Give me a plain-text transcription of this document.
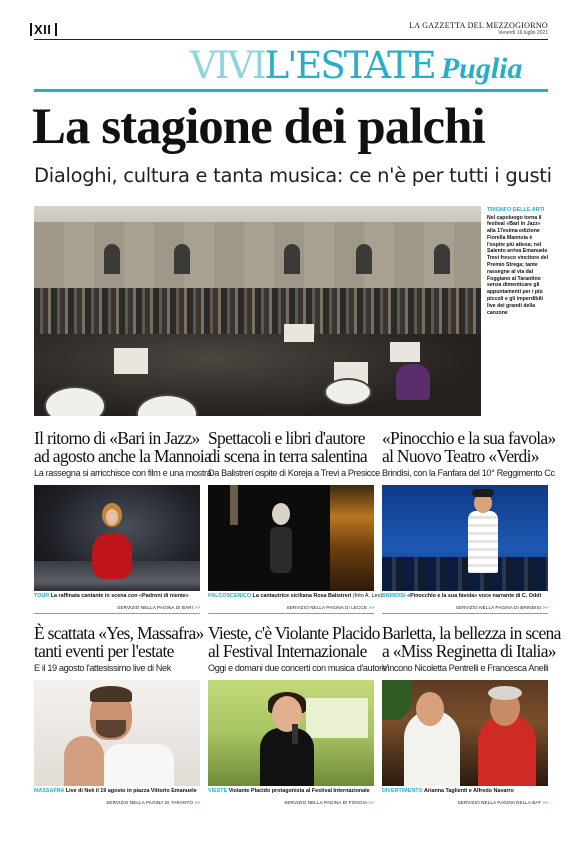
XII	LA GAZZETTA DEL MEZZOGIORNO
Venerdì 16 luglio 2021
VIVIL'ESTATE Puglia
La stagione dei palchi
Dialoghi, cultura e tanta musica: ce n'è per tutti i gusti
TRIONFO DELLE ARTI
Nel capoluogo torna il festival «Bari in Jazz» alla 17esima edizione Fiorella Mannoia è l'ospite più attesa; nel Salento arriva Emanuele Trevi fresco vincitore del Premio Strega; tante rassegne al via dal Foggiano al Tarantino senza dimenticare gli appuntamenti per i più piccoli e gli imperdibili live dei grandi della canzone
Il ritorno di «Bari in Jazz»
ad agosto anche la Mannoia
La rassegna si arricchisce con film e una mostra
TOUR La raffinata cantante in scena con «Padroni di niente»
SERVIZIO NELLA PAGINA DI BARI >>
Spettacoli e libri d'autore
di scena in terra salentina
Da Balistreri ospite di Koreja a Trevi a Presicce
PALCOSCENICO La cantautrice siciliana Rosa Balistreri (foto A. Leo)
SERVIZIO NELLA PAGINA DI LECCE >>
«Pinocchio e la sua favola»
al Nuovo Teatro «Verdi»
Brindisi, con la Fanfara del 10° Reggimento Cc
BRINDISI «Pinocchio e la sua favola» voce narrante di C. Oddi
SERVIZIO NELLA PAGINA DI BRINDISI >>
È scattata «Yes, Massafra»
tanti eventi per l'estate
E il 19 agosto l'attesissimo live di Nek
MASSAFRA Live di Nek il 19 agosto in piazza Vittorio Emanuele
SERVIZIO NELLA PAGINA DI TARANTO >>
Vieste, c'è Violante Placido
al Festival Internazionale
Oggi e domani due concerti con musica d'autore
VIESTE Violante Placido protagonista al Festival Internazionale
SERVIZIO NELLA PAGINA DI FOGGIA >>
Barletta, la bellezza in scena
a «Miss Reginetta di Italia»
Vincono Nicoletta Pentrelli e Francesca Anelli
DIVERTIMENTO Arianna Taglienti e Alfredo Navarro
SERVIZIO NELLA PAGINA DELLA BAT >>
